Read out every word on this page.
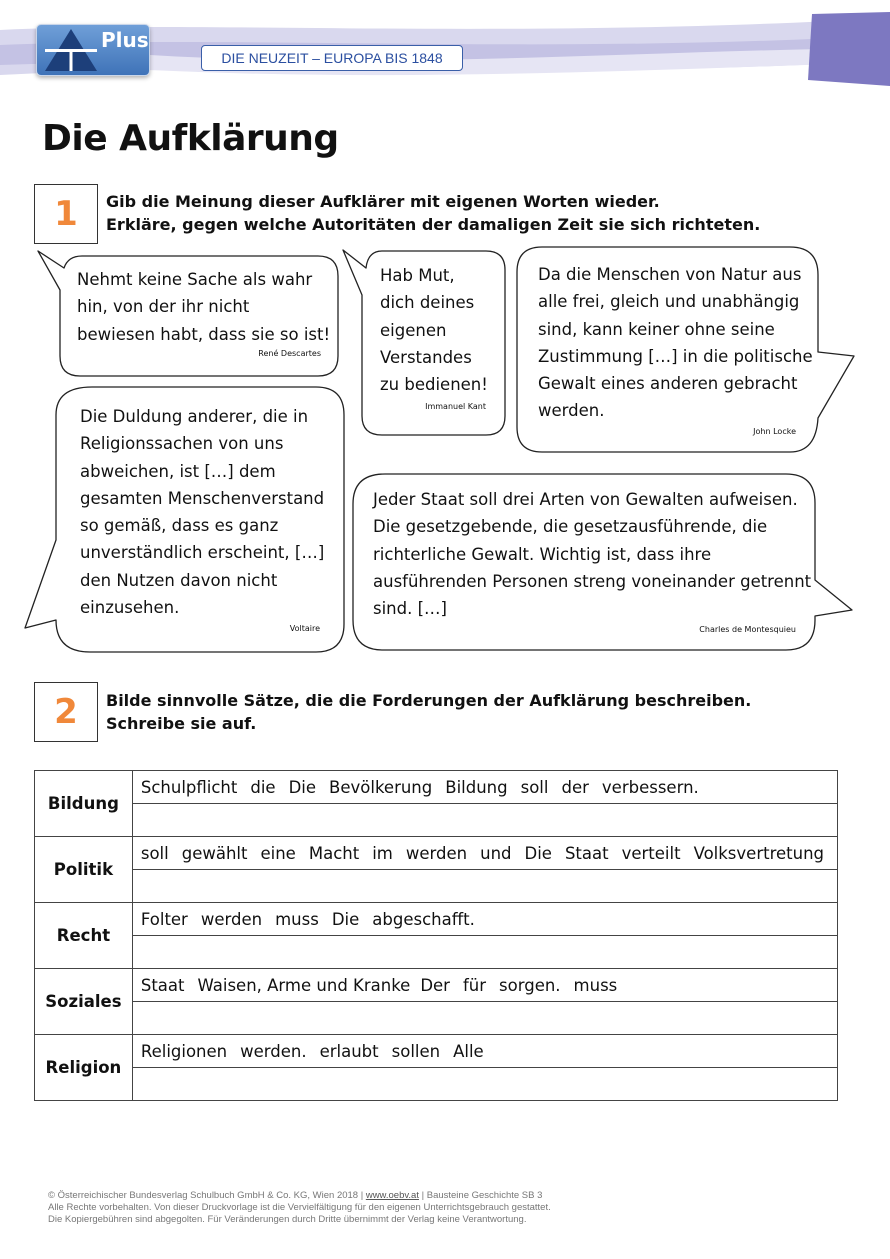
Plus
DIE NEUZEIT – EUROPA BIS 1848
Die Aufklärung
1	Gib die Meinung dieser Aufklärer mit eigenen Worten wieder.
Erkläre, gegen welche Autoritäten der damaligen Zeit sie sich richteten.
Nehmt keine Sache als wahr
hin, von der ihr nicht
bewiesen habt, dass sie so ist!
René Descartes
Hab Mut,
dich deines
eigenen
Verstandes
zu bedienen!
Immanuel Kant
Da die Menschen von Natur aus
alle frei, gleich und unabhängig
sind, kann keiner ohne seine
Zustimmung […] in die politische
Gewalt eines anderen gebracht
werden.
John Locke
Die Duldung anderer, die in
Religionssachen von uns
abweichen, ist […] dem
gesamten Menschenverstand
so gemäß, dass es ganz
unverständlich erscheint, […]
den Nutzen davon nicht
einzusehen.
Voltaire
Jeder Staat soll drei Arten von Gewalten aufweisen.
Die gesetzgebende, die gesetzausführende, die
richterliche Gewalt. Wichtig ist, dass ihre
ausführenden Personen streng voneinander getrennt
sind. […]
Charles de Montesquieu
2	Bilde sinnvolle Sätze, die die Forderungen der Aufklärung beschreiben.
Schreibe sie auf.
Bildung	Schulpflicht die Die Bevölkerung Bildung soll der verbessern.

Politik	soll gewählt eine Macht im werden und Die Staat verteilt Volksvertretung

Recht	Folter werden muss Die abgeschafft.

Soziales	Staat Waisen, Arme und Kranke Der für sorgen. muss

Religion	Religionen werden. erlaubt sollen Alle

© Österreichischer Bundesverlag Schulbuch GmbH & Co. KG, Wien 2018 | www.oebv.at | Bausteine Geschichte SB 3
Alle Rechte vorbehalten. Von dieser Druckvorlage ist die Vervielfältigung für den eigenen Unterrichtsgebrauch gestattet.
Die Kopiergebühren sind abgegolten. Für Veränderungen durch Dritte übernimmt der Verlag keine Verantwortung.
